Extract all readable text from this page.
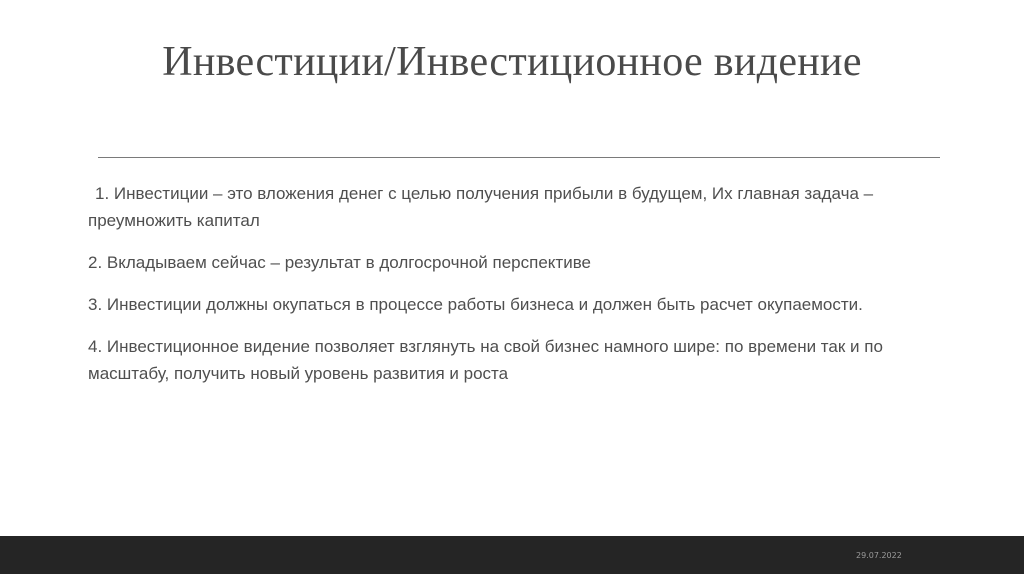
Инвестиции/Инвестиционное видение

1. Инвестиции – это вложения денег с целью получения прибыли в будущем, Их главная задача – преумножить капитал

2. Вкладываем сейчас – результат в долгосрочной перспективе

3. Инвестиции должны окупаться в процессе работы бизнеса и должен быть расчет окупаемости.

4. Инвестиционное видение позволяет взглянуть на свой бизнес намного шире: по времени так и по масштабу, получить новый уровень развития и роста

29.07.2022
